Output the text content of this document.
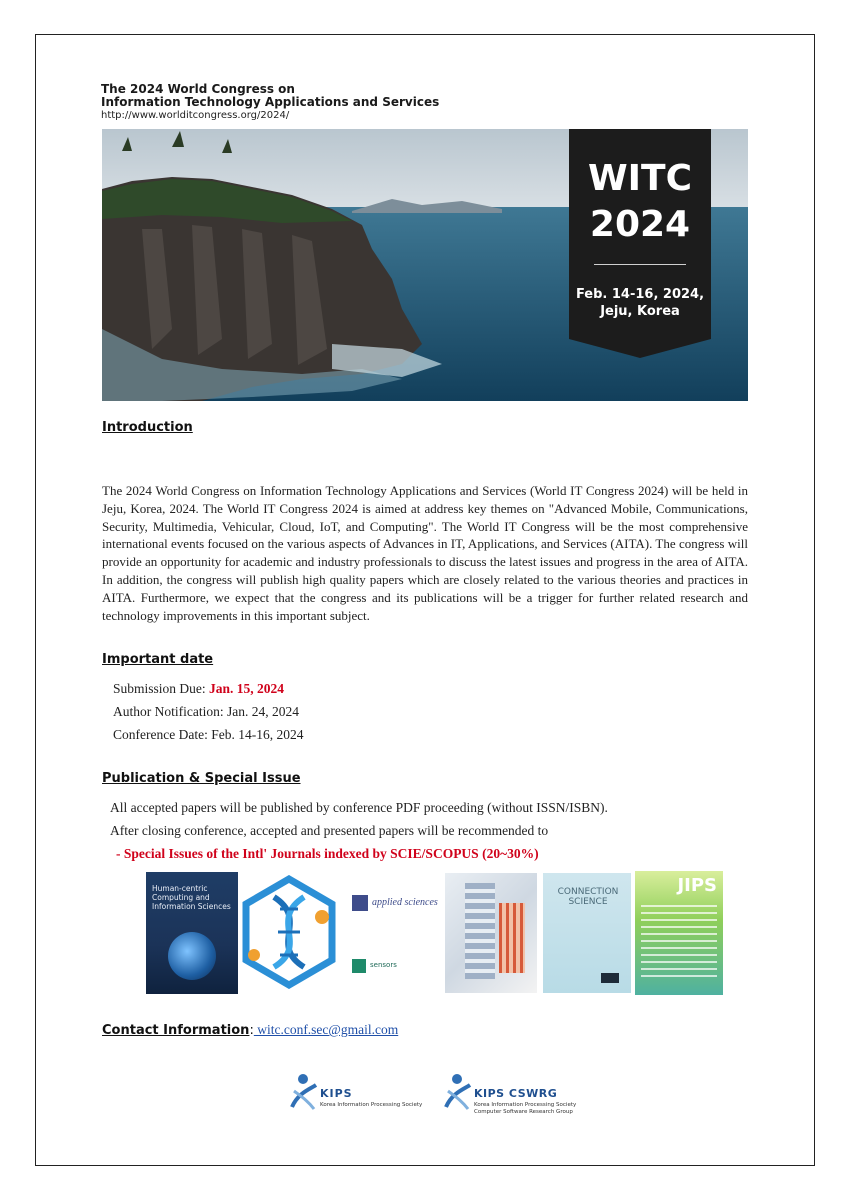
The 2024 World Congress on
Information Technology Applications and Services
http://www.worlditcongress.org/2024/
WITC
2024
Feb. 14-16, 2024,
Jeju, Korea
Introduction
The 2024 World Congress on Information Technology Applications and Services (World IT Congress 2024) will be held in Jeju, Korea, 2024. The World IT Congress 2024 is aimed at address key themes on "Advanced Mobile, Communications, Security, Multimedia, Vehicular, Cloud, IoT, and Computing". The World IT Congress will be the most comprehensive international events focused on the various aspects of Advances in IT, Applications, and Services (AITA). The congress will provide an opportunity for academic and industry professionals to discuss the latest issues and progress in the area of AITA. In addition, the congress will publish high quality papers which are closely related to the various theories and practices in AITA. Furthermore, we expect that the congress and its publications will be a trigger for further related research and technology improvements in this important subject.
Important date
Submission Due: Jan. 15, 2024
Author Notification: Jan. 24, 2024
Conference Date: Feb. 14-16, 2024
Publication & Special Issue
All accepted papers will be published by conference PDF proceeding (without ISSN/ISBN).
After closing conference, accepted and presented papers will be recommended to
- Special Issues of the Intl' Journals indexed by SCIE/SCOPUS (20~30%)
Human-centric Computing and Information Sciences	applied sciences
sensors
CONNECTION SCIENCE
JIPS
Contact Information: witc.conf.sec@gmail.com
KIPS
Korea Information Processing Society
KIPS CSWRG
Korea Information Processing Society
Computer Software Research Group
